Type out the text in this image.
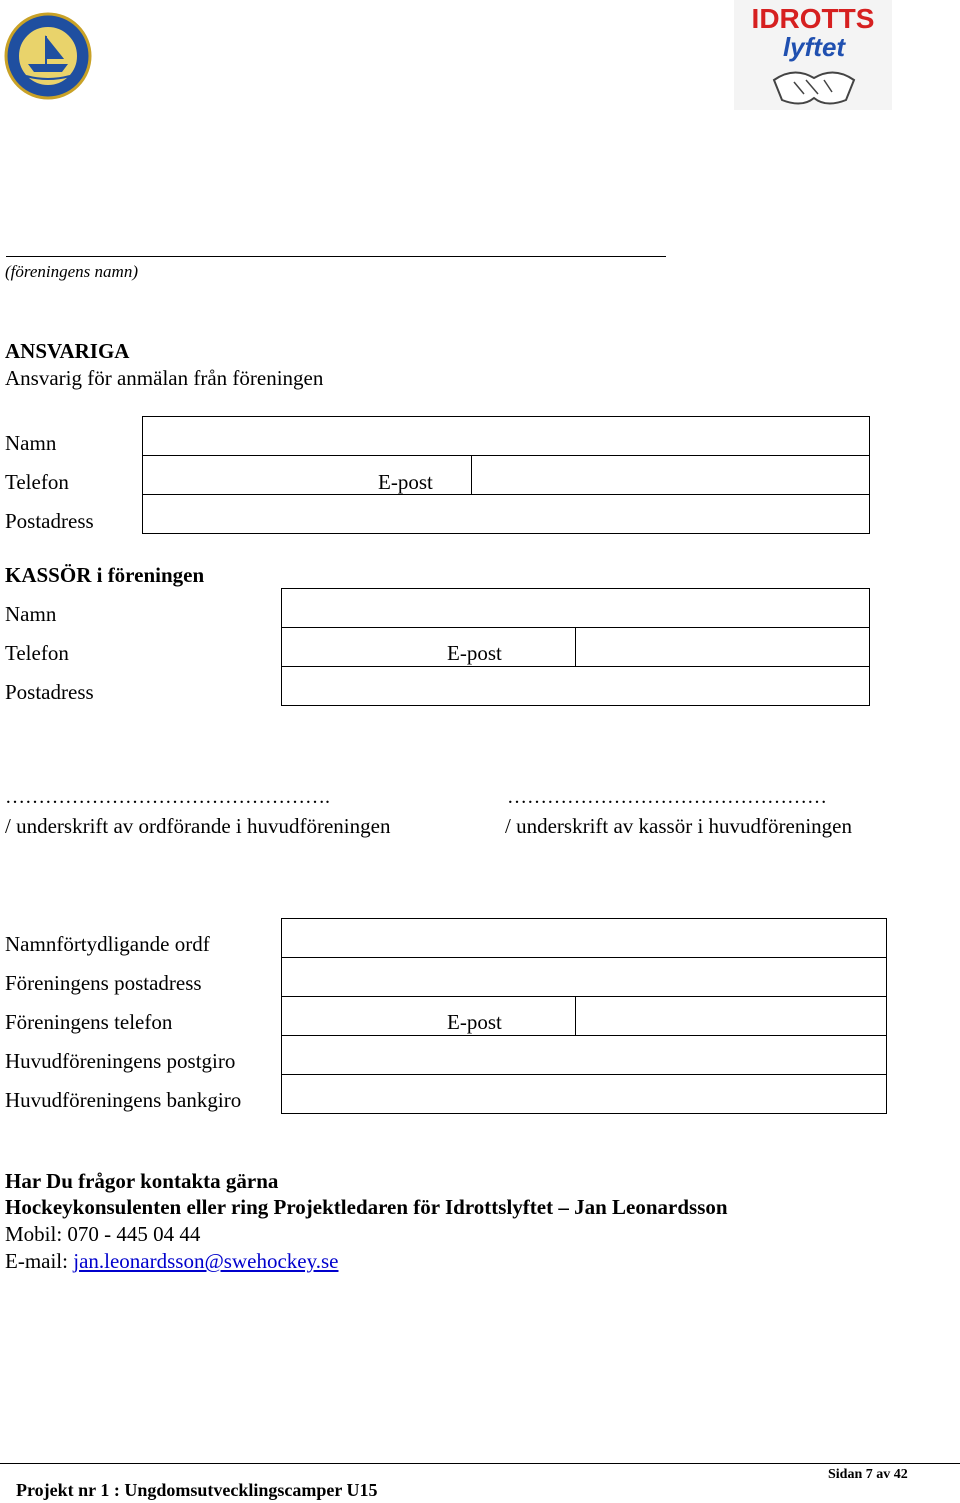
IDROTTS
lyftet
(föreningens namn)
ANSVARIGA
Ansvarig för anmälan från föreningen
Namn
Telefon
Postadress
E-post
KASSÖR i föreningen
Namn
Telefon
Postadress
E-post
………………………………………….
/ underskrift av ordförande i huvudföreningen
…………………………………………
/ underskrift av kassör i huvudföreningen
Namnförtydligande ordf
Föreningens postadress
Föreningens telefon
Huvudföreningens postgiro
Huvudföreningens bankgiro
E-post
Har Du frågor kontakta gärna
Hockeykonsulenten eller ring Projektledaren för Idrottslyftet – Jan Leonardsson
Mobil: 070 - 445 04 44
E-mail: jan.leonardsson@swehockey.se
Projekt nr 1 : Ungdomsutvecklingscamper U15
Sidan 7 av 42
